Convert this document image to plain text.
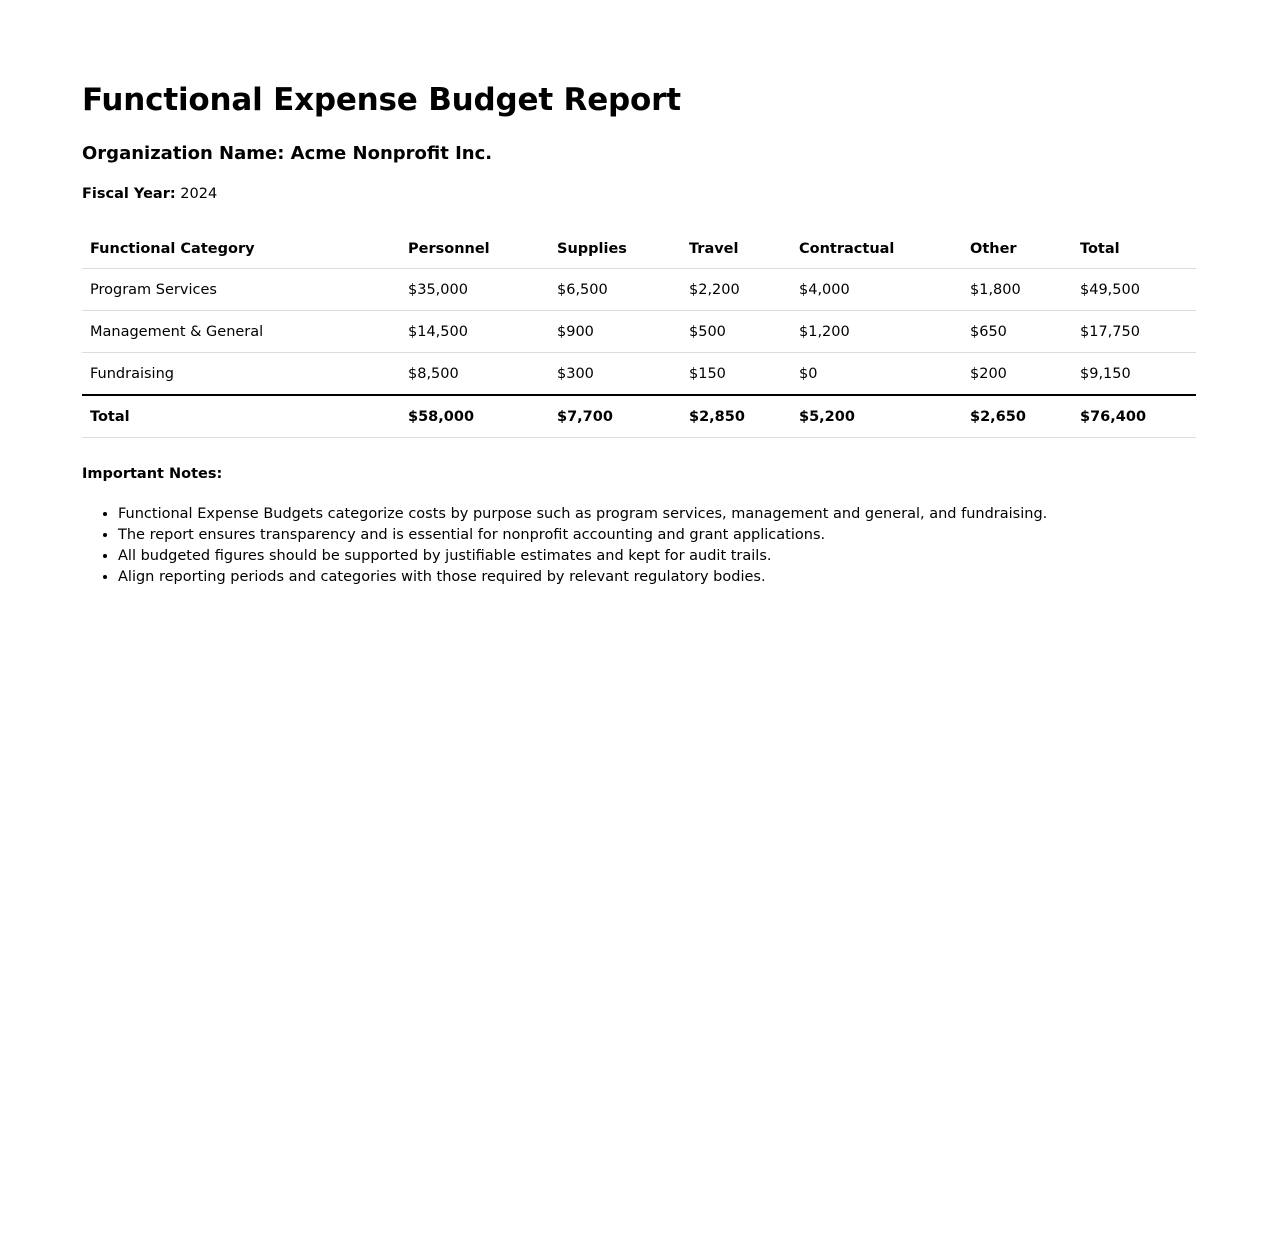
Functional Expense Budget Report
Organization Name: Acme Nonprofit Inc.

Fiscal Year: 2024

Functional Category	Personnel	Supplies	Travel	Contractual	Other	Total
Program Services	$35,000	$6,500	$2,200	$4,000	$1,800	$49,500
Management & General	$14,500	$900	$500	$1,200	$650	$17,750
Fundraising	$8,500	$300	$150	$0	$200	$9,150
Total	$58,000	$7,700	$2,850	$5,200	$2,650	$76,400

Important Notes:

• Functional Expense Budgets categorize costs by purpose such as program services, management and general, and fundraising.
• The report ensures transparency and is essential for nonprofit accounting and grant applications.
• All budgeted figures should be supported by justifiable estimates and kept for audit trails.
• Align reporting periods and categories with those required by relevant regulatory bodies.
